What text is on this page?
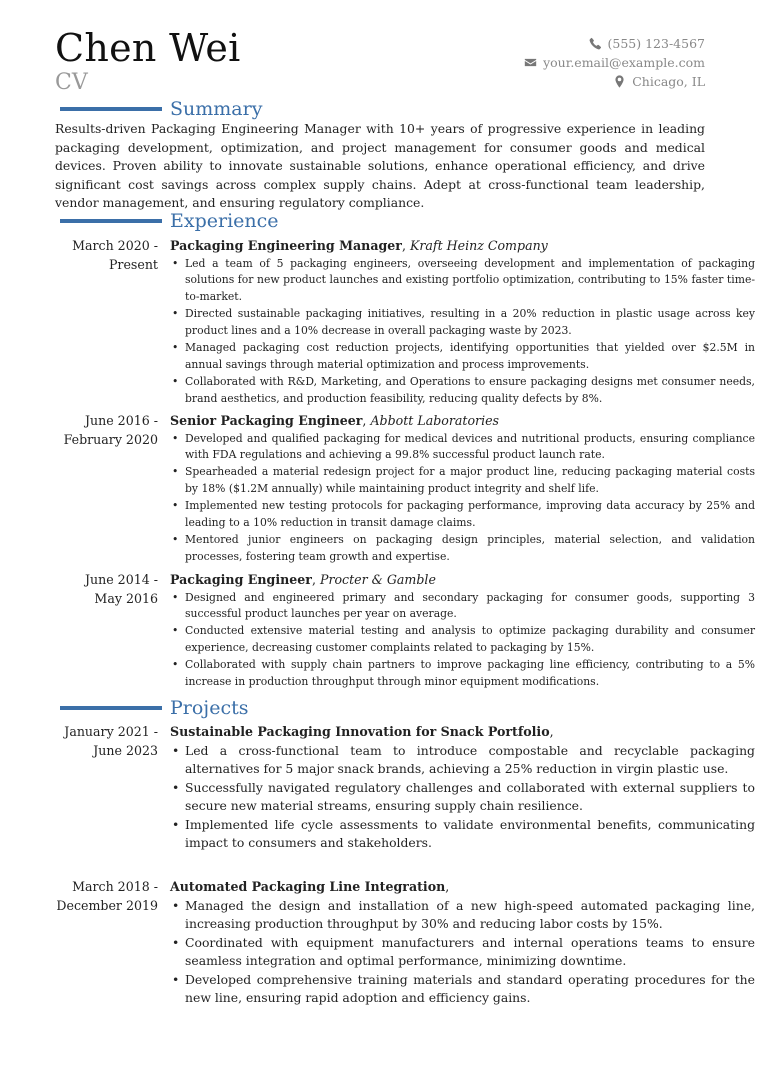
Chen Wei
CV
(555) 123-4567
your.email@example.com
Chicago, IL
Summary
Results-driven Packaging Engineering Manager with 10+ years of progressive experience in leading packaging development, optimization, and project management for consumer goods and medical devices. Proven ability to innovate sustainable solutions, enhance operational efficiency, and drive significant cost savings across complex supply chains. Adept at cross-functional team leadership, vendor management, and ensuring regulatory compliance.
Experience
March 2020 -
Present
Packaging Engineering Manager, Kraft Heinz Company
• Led a team of 5 packaging engineers, overseeing development and implementation of packaging solutions for new product launches and existing portfolio optimization, contributing to 15% faster time-to-market.
• Directed sustainable packaging initiatives, resulting in a 20% reduction in plastic usage across key product lines and a 10% decrease in overall packaging waste by 2023.
• Managed packaging cost reduction projects, identifying opportunities that yielded over $2.5M in annual savings through material optimization and process improvements.
• Collaborated with R&D, Marketing, and Operations to ensure packaging designs met consumer needs, brand aesthetics, and production feasibility, reducing quality defects by 8%.
June 2016 -
February 2020
Senior Packaging Engineer, Abbott Laboratories
• Developed and qualified packaging for medical devices and nutritional products, ensuring compliance with FDA regulations and achieving a 99.8% successful product launch rate.
• Spearheaded a material redesign project for a major product line, reducing packaging material costs by 18% ($1.2M annually) while maintaining product integrity and shelf life.
• Implemented new testing protocols for packaging performance, improving data accuracy by 25% and leading to a 10% reduction in transit damage claims.
• Mentored junior engineers on packaging design principles, material selection, and validation processes, fostering team growth and expertise.
June 2014 -
May 2016
Packaging Engineer, Procter & Gamble
• Designed and engineered primary and secondary packaging for consumer goods, supporting 3 successful product launches per year on average.
• Conducted extensive material testing and analysis to optimize packaging durability and consumer experience, decreasing customer complaints related to packaging by 15%.
• Collaborated with supply chain partners to improve packaging line efficiency, contributing to a 5% increase in production throughput through minor equipment modifications.
Projects
January 2021 -
June 2023
Sustainable Packaging Innovation for Snack Portfolio,
• Led a cross-functional team to introduce compostable and recyclable packaging alternatives for 5 major snack brands, achieving a 25% reduction in virgin plastic use.
• Successfully navigated regulatory challenges and collaborated with external suppliers to secure new material streams, ensuring supply chain resilience.
• Implemented life cycle assessments to validate environmental benefits, communicating impact to consumers and stakeholders.
March 2018 -
December 2019
Automated Packaging Line Integration,
• Managed the design and installation of a new high-speed automated packaging line, increasing production throughput by 30% and reducing labor costs by 15%.
• Coordinated with equipment manufacturers and internal operations teams to ensure seamless integration and optimal performance, minimizing downtime.
• Developed comprehensive training materials and standard operating procedures for the new line, ensuring rapid adoption and efficiency gains.
